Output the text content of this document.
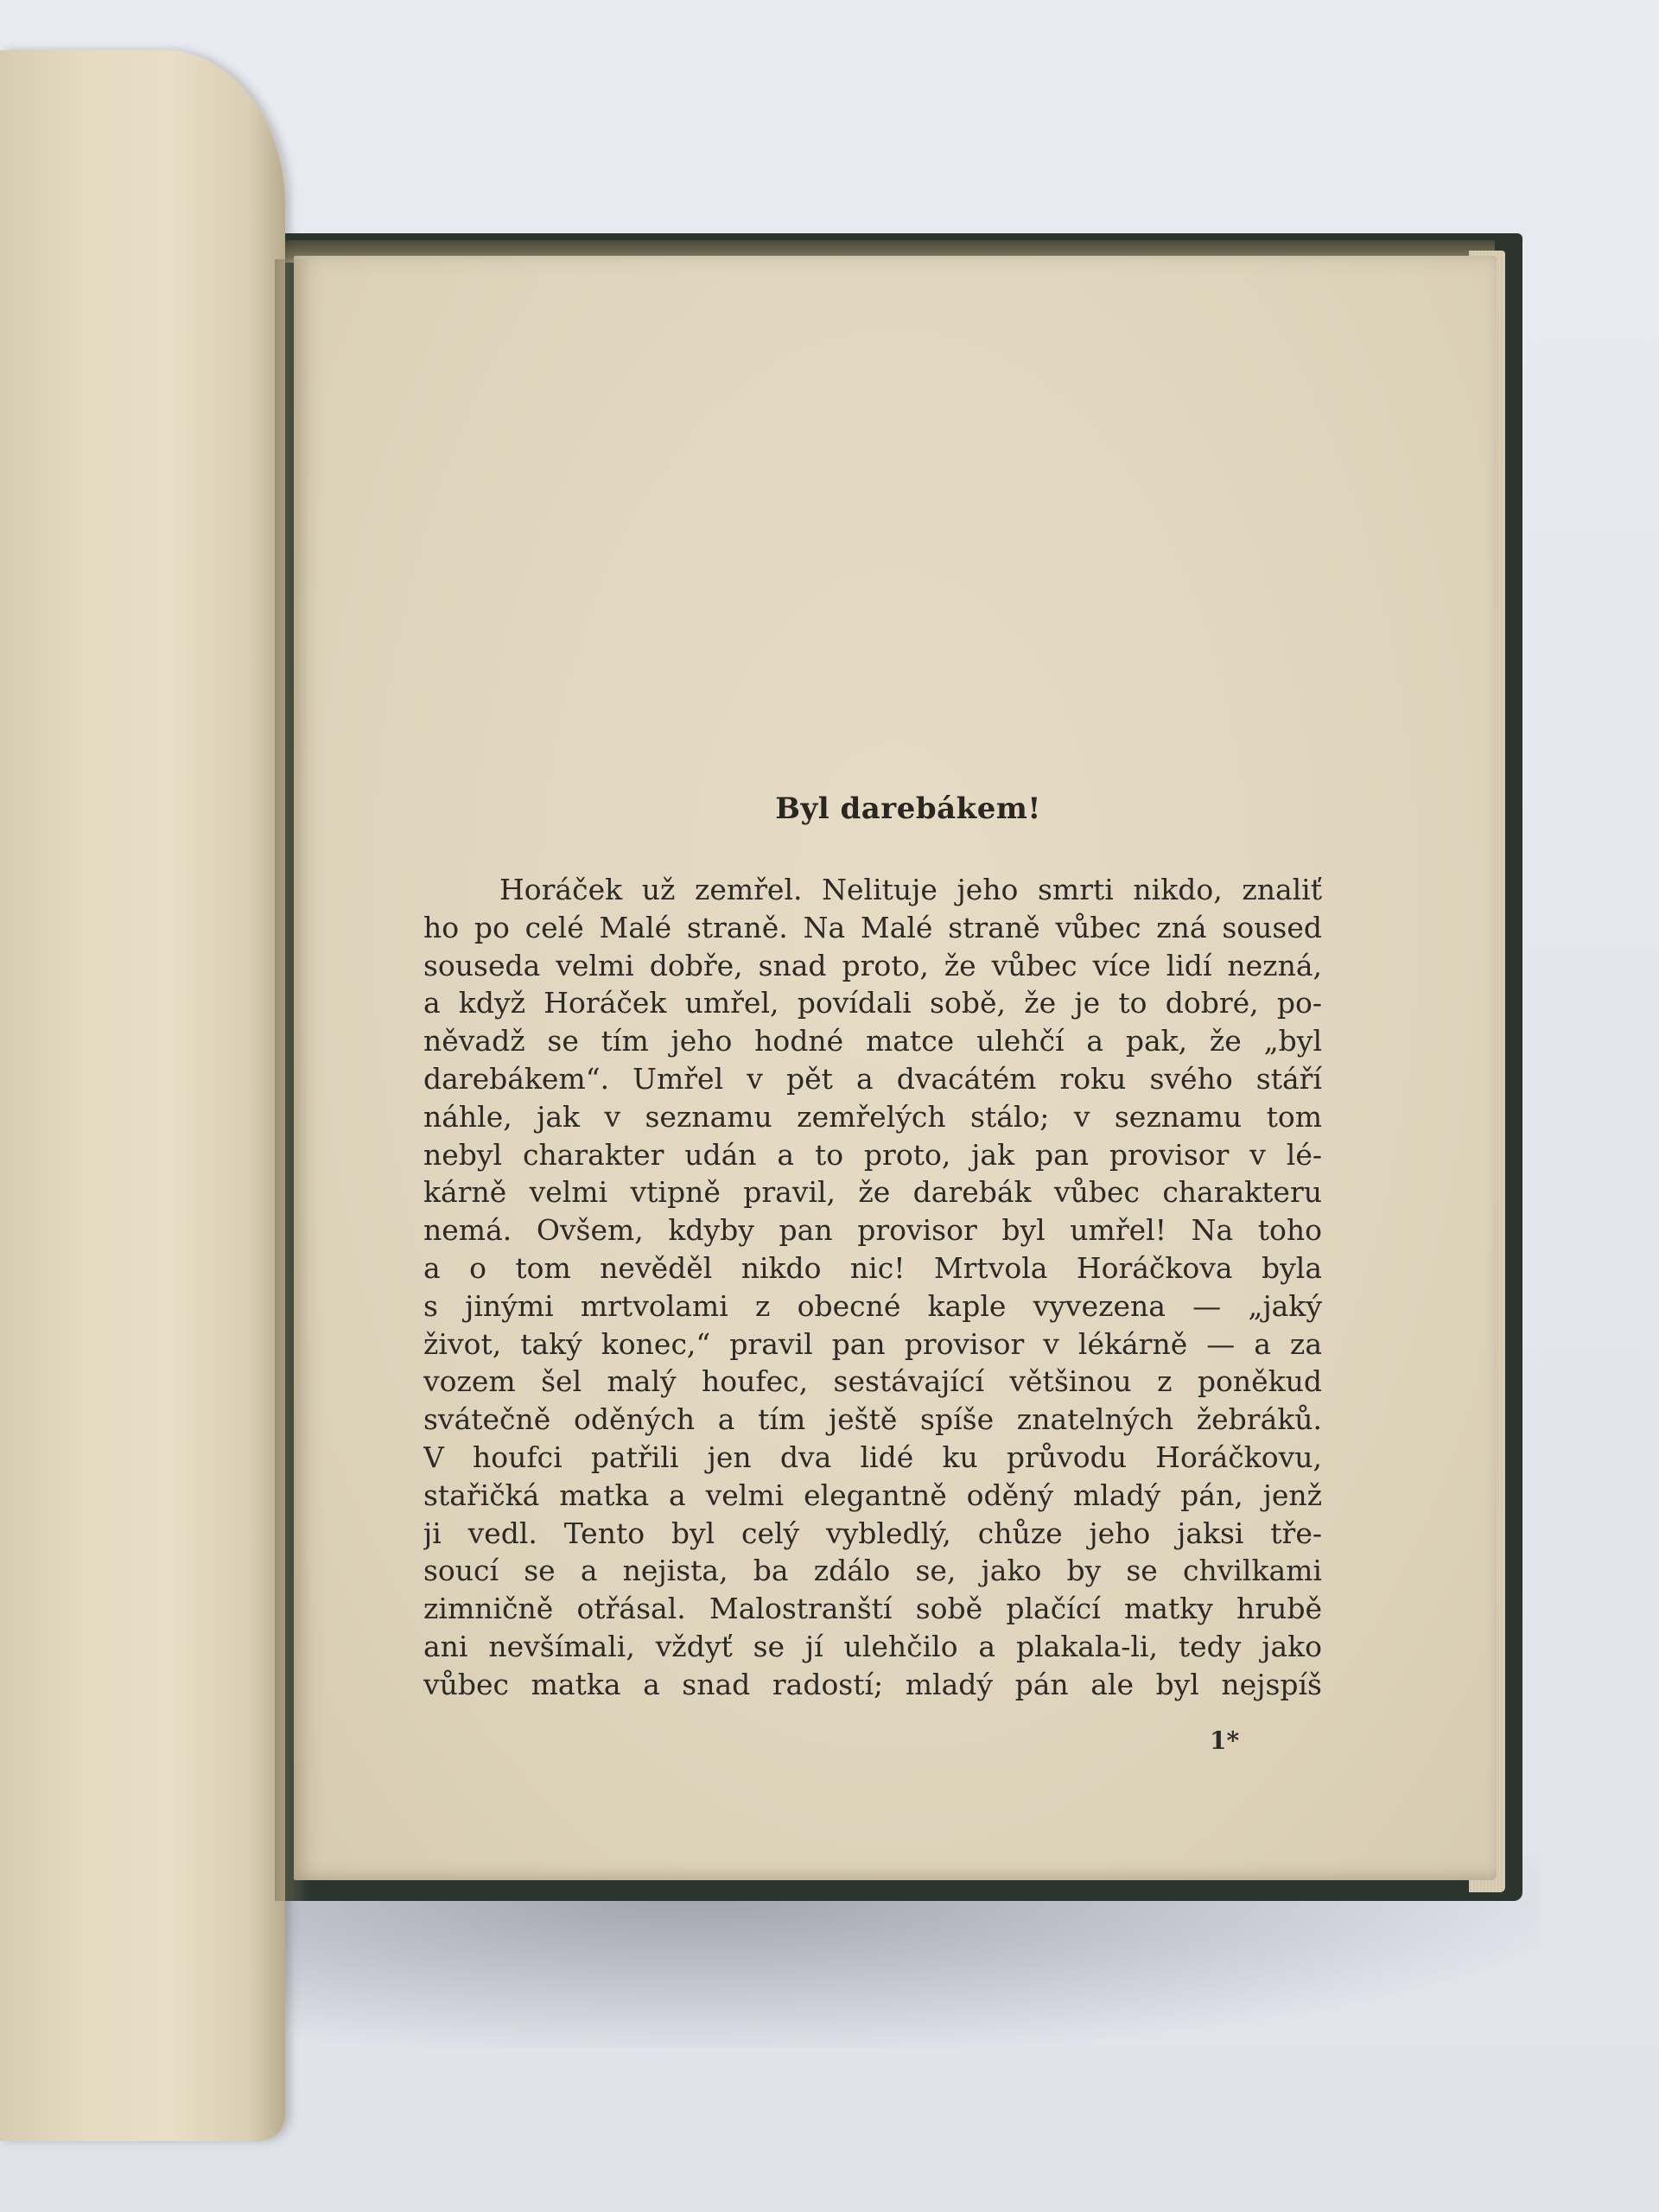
Byl darebákem!
Horáček už zemřel. Nelituje jeho smrti nikdo, znaliť
ho po celé Malé straně. Na Malé straně vůbec zná soused
souseda velmi dobře, snad proto, že vůbec více lidí nezná,
a když Horáček umřel, povídali sobě, že je to dobré, po-
něvadž se tím jeho hodné matce ulehčí a pak, že „byl
darebákem“. Umřel v pět a dvacátém roku svého stáří
náhle, jak v seznamu zemřelých stálo; v seznamu tom
nebyl charakter udán a to proto, jak pan provisor v lé-
kárně velmi vtipně pravil, že darebák vůbec charakteru
nemá. Ovšem, kdyby pan provisor byl umřel! Na toho
a o tom nevěděl nikdo nic! Mrtvola Horáčkova byla
s jinými mrtvolami z obecné kaple vyvezena — „jaký
život, taký konec,“ pravil pan provisor v lékárně — a za
vozem šel malý houfec, sestávající většinou z poněkud
svátečně oděných a tím ještě spíše znatelných žebráků.
V houfci patřili jen dva lidé ku průvodu Horáčkovu,
stařičká matka a velmi elegantně oděný mladý pán, jenž
ji vedl. Tento byl celý vybledlý, chůze jeho jaksi tře-
soucí se a nejista, ba zdálo se, jako by se chvilkami
zimničně otřásal. Malostranští sobě plačící matky hrubě
ani nevšímali, vždyť se jí ulehčilo a plakala-li, tedy jako
vůbec matka a snad radostí; mladý pán ale byl nejspíš
1*
